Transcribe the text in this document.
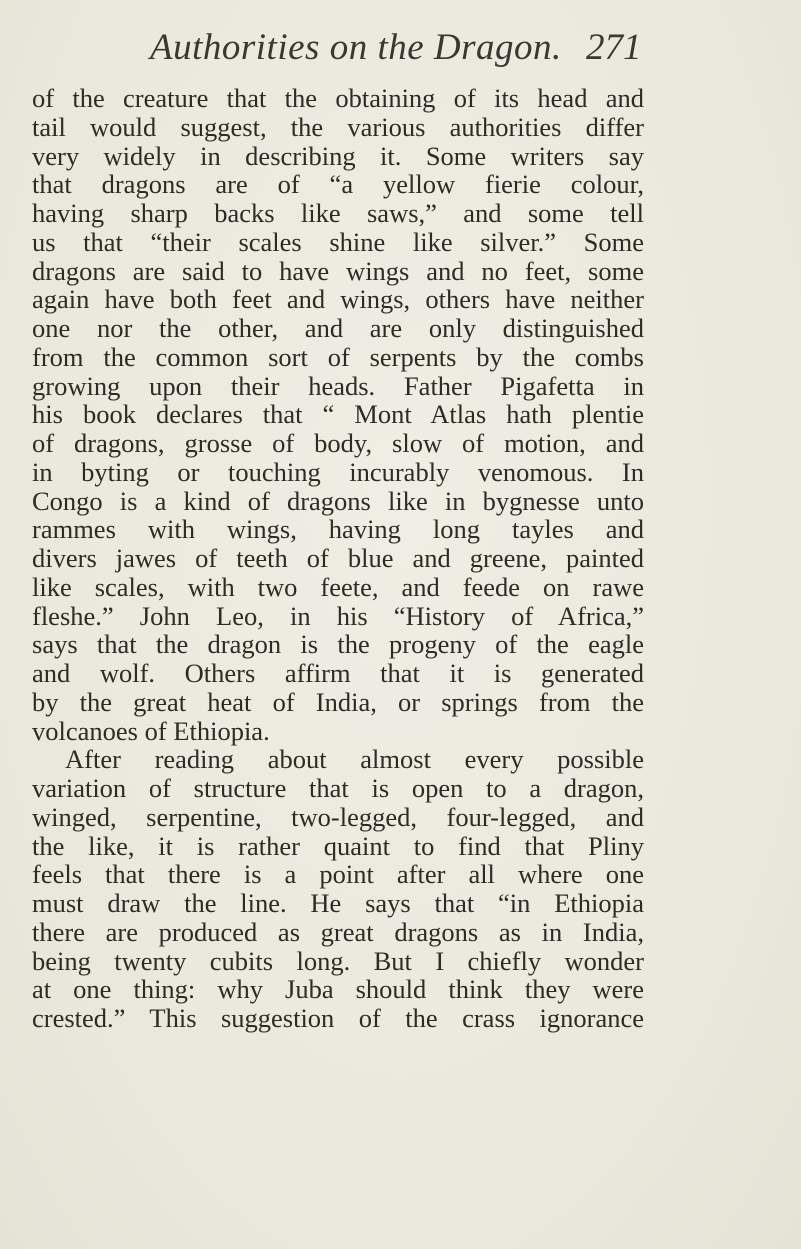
Authorities on the Dragon. 271
of the creature that the obtaining of its head and
tail would suggest, the various authorities differ
very widely in describing it. Some writers say
that dragons are of “a yellow fierie colour,
having sharp backs like saws,” and some tell
us that “their scales shine like silver.” Some
dragons are said to have wings and no feet, some
again have both feet and wings, others have neither
one nor the other, and are only distinguished
from the common sort of serpents by the combs
growing upon their heads. Father Pigafetta in
his book declares that “ Mont Atlas hath plentie
of dragons, grosse of body, slow of motion, and
in byting or touching incurably venomous. In
Congo is a kind of dragons like in bygnesse unto
rammes with wings, having long tayles and
divers jawes of teeth of blue and greene, painted
like scales, with two feete, and feede on rawe
fleshe.” John Leo, in his “History of Africa,”
says that the dragon is the progeny of the eagle
and wolf. Others affirm that it is generated
by the great heat of India, or springs from the
volcanoes of Ethiopia.
After reading about almost every possible
variation of structure that is open to a dragon,
winged, serpentine, two-legged, four-legged, and
the like, it is rather quaint to find that Pliny
feels that there is a point after all where one
must draw the line. He says that “in Ethiopia
there are produced as great dragons as in India,
being twenty cubits long. But I chiefly wonder
at one thing: why Juba should think they were
crested.” This suggestion of the crass ignorance
